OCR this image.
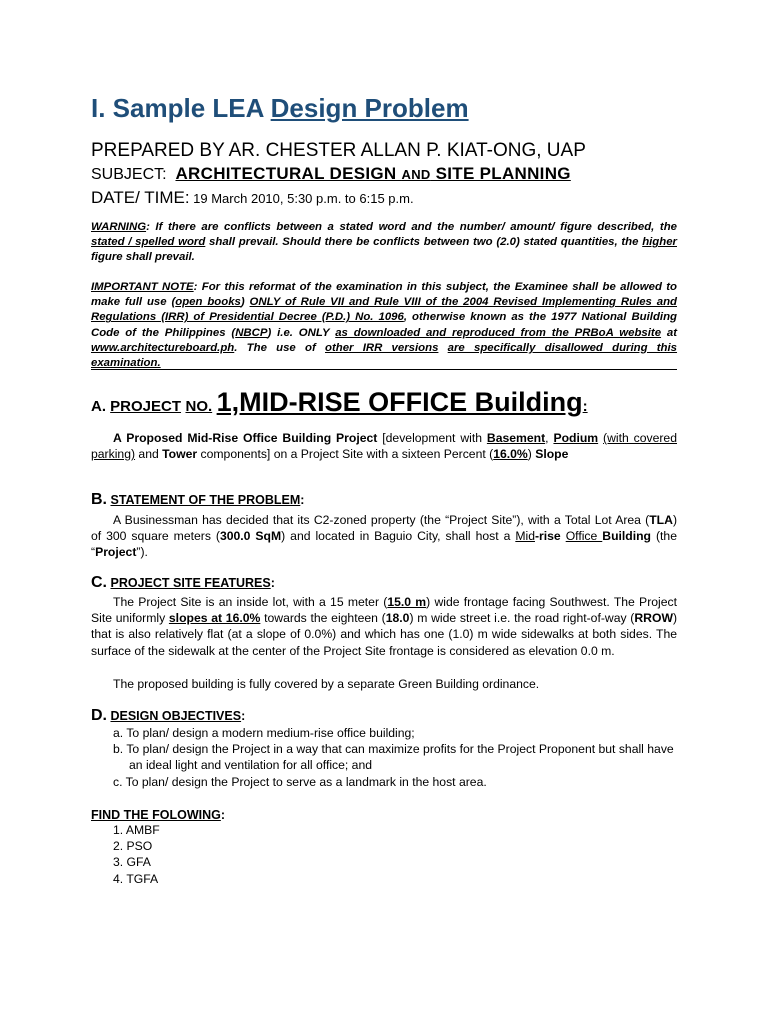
I. Sample LEA Design Problem

PREPARED BY AR. CHESTER ALLAN P. KIAT-ONG, UAP

SUBJECT: ARCHITECTURAL DESIGN AND SITE PLANNING

DATE/ TIME: 19 March 2010, 5:30 p.m. to 6:15 p.m.

WARNING: If there are conflicts between a stated word and the number/ amount/ figure described, the stated / spelled word shall prevail. Should there be conflicts between two (2.0) stated quantities, the higher figure shall prevail.

IMPORTANT NOTE: For this reformat of the examination in this subject, the Examinee shall be allowed to make full use (open books) ONLY of Rule VII and Rule VIII of the 2004 Revised Implementing Rules and Regulations (IRR) of Presidential Decree (P.D.) No. 1096, otherwise known as the 1977 National Building Code of the Philippines (NBCP) i.e. ONLY as downloaded and reproduced from the PRBoA website at www.architectureboard.ph. The use of other IRR versions are specifically disallowed during this examination.

A. PROJECT NO. 1,MID-RISE OFFICE Building:

A Proposed Mid-Rise Office Building Project [development with Basement, Podium (with covered parking) and Tower components] on a Project Site with a sixteen Percent (16.0%) Slope

B. STATEMENT OF THE PROBLEM:

A Businessman has decided that its C2-zoned property (the “Project Site”), with a Total Lot Area (TLA) of 300 square meters (300.0 SqM) and located in Baguio City, shall host a Mid-rise Office Building (the “Project”).

C. PROJECT SITE FEATURES:

The Project Site is an inside lot, with a 15 meter (15.0 m) wide frontage facing Southwest. The Project Site uniformly slopes at 16.0% towards the eighteen (18.0) m wide street i.e. the road right-of-way (RROW) that is also relatively flat (at a slope of 0.0%) and which has one (1.0) m wide sidewalks at both sides. The surface of the sidewalk at the center of the Project Site frontage is considered as elevation 0.0 m.

The proposed building is fully covered by a separate Green Building ordinance.

D. DESIGN OBJECTIVES:

a. To plan/ design a modern medium-rise office building;
b. To plan/ design the Project in a way that can maximize profits for the Project Proponent but shall have an ideal light and ventilation for all office; and
c. To plan/ design the Project to serve as a landmark in the host area.

FIND THE FOLOWING:

1. AMBF
2. PSO
3. GFA
4. TGFA
